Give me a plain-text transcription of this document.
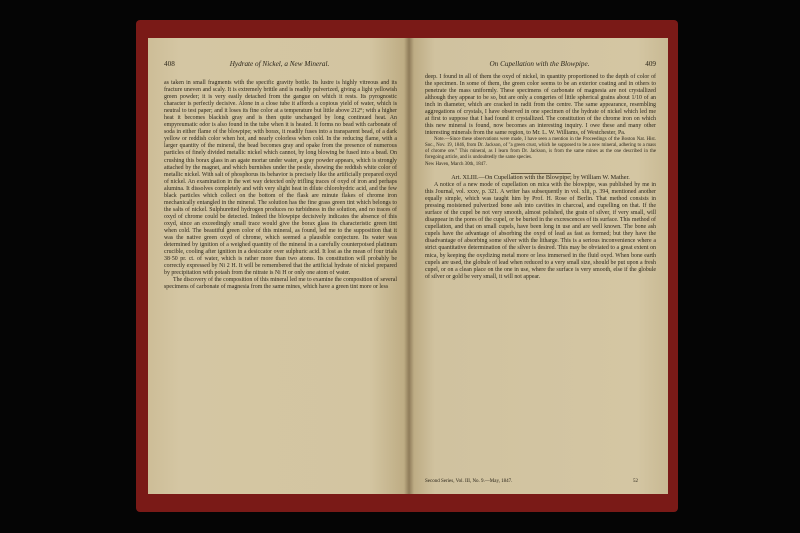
408	Hydrate of Nickel, a New Mineral.

as taken in small fragments with the specific gravity bottle. Its lustre is highly vitreous and its fracture uneven and scaly. It is extremely brittle and is readily pulverized, giving a light yellowish green powder; it is very easily detached from the gangue on which it rests. Its pyrognostic character is perfectly decisive. Alone in a close tube it affords a copious yield of water, which is neutral to test paper; and it loses its fine color at a temperature but little above 212°; with a higher heat it becomes blackish gray and is then quite unchanged by long continued heat. An empyreumatic odor is also found in the tube when it is heated. It forms no bead with carbonate of soda in either flame of the blowpipe; with borax, it readily fuses into a transparent bead, of a dark yellow or reddish color when hot, and nearly colorless when cold. In the reducing flame, with a larger quantity of the mineral, the bead becomes gray and opake from the presence of numerous particles of finely divided metallic nickel which cannot, by long blowing be fused into a bead. On crushing this borax glass in an agate mortar under water, a gray powder appears, which is strongly attached by the magnet, and which burnishes under the pestle, showing the reddish white color of metallic nickel. With salt of phosphorus its behavior is precisely like the artificially prepared oxyd of nickel. An examination in the wet way detected only trifling traces of oxyd of iron and perhaps alumina. It dissolves completely and with very slight heat in dilute chlorohydric acid, and the few black particles which collect on the bottom of the flask are minute flakes of chrome iron mechanically entangled in the mineral. The solution has the fine grass green tint which belongs to the salts of nickel. Sulphuretted hydrogen produces no turbidness in the solution, and no traces of oxyd of chrome could be detected. Indeed the blowpipe decisively indicates the absence of this oxyd, since an exceedingly small trace would give the borax glass its characteristic green tint when cold. The beautiful green color of this mineral, as found, led me to the supposition that it was the native green oxyd of chrome, which seemed a plausible conjecture. Its water was determined by ignition of a weighed quantity of the mineral in a carefully counterpoised platinum crucible, cooling after ignition in a desiccator over sulphuric acid. It lost as the mean of four trials 38·50 pr. ct. of water, which is rather more than two atoms. Its constitution will probably be correctly expressed by Ni 2 H. It will be remembered that the artificial hydrate of nickel prepared by precipitation with potash from the nitrate is Ni H or only one atom of water.

The discovery of the composition of this mineral led me to examine the composition of several specimens of carbonate of magnesia from the same mines, which have a green tint more or less

On Cupellation with the Blowpipe.	409

deep. I found in all of them the oxyd of nickel, in quantity proportioned to the depth of color of the specimen. In some of them, the green color seems to be an exterior coating and in others to penetrate the mass uniformly. These specimens of carbonate of magnesia are not crystallized although they appear to be so, but are only a congeries of little spherical grains about 1/10 of an inch in diameter, which are cracked in radii from the centre. The same appearance, resembling aggregations of crystals, I have observed in one specimen of the hydrate of nickel which led me at first to suppose that I had found it crystallized. The constitution of the chrome iron on which this new mineral is found, now becomes an interesting inquiry. I owe these and many other interesting minerals from the same region, to Mr. L. W. Williams, of Westchester, Pa.

Note.—Since these observations were made, I have seen a mention in the Proceedings of the Boston Nat. Hist. Soc., Nov. 19, 1846, from Dr. Jackson, of "a green crust, which he supposed to be a new mineral, adhering to a mass of chrome ore." This mineral, as I learn from Dr. Jackson, is from the same mines as the one described in the foregoing article, and is undoubtedly the same species.

New Haven, March 30th, 1847.

Art. XLIII.—On Cupellation with the Blowpipe; by William W. Mather.

A notice of a new mode of cupellation on mica with the blowpipe, was published by me in this Journal, vol. xxxv, p. 321. A writer has subsequently in vol. xlii, p. 394, mentioned another equally simple, which was taught him by Prof. H. Rose of Berlin. That method consists in pressing moistened pulverized bone ash into cavities in charcoal, and cupelling on that. If the surface of the cupel be not very smooth, almost polished, the grain of silver, if very small, will disappear in the pores of the cupel, or be buried in the excrescences of its surface. This method of cupellation, and that on small cupels, have been long in use and are well known. The bone ash cupels have the advantage of absorbing the oxyd of lead as fast as formed; but they have the disadvantage of absorbing some silver with the litharge. This is a serious inconvenience where a strict quantitative determination of the silver is desired. This may be obviated to a great extent on mica, by keeping the oxydizing metal more or less immersed in the fluid oxyd. When bone earth cupels are used, the globule of lead when reduced to a very small size, should be put upon a fresh cupel, or on a clean place on the one in use, where the surface is very smooth, else if the globule of silver or gold be very small, it will not appear.

Second Series, Vol. III, No. 9.—May, 1847.	52
